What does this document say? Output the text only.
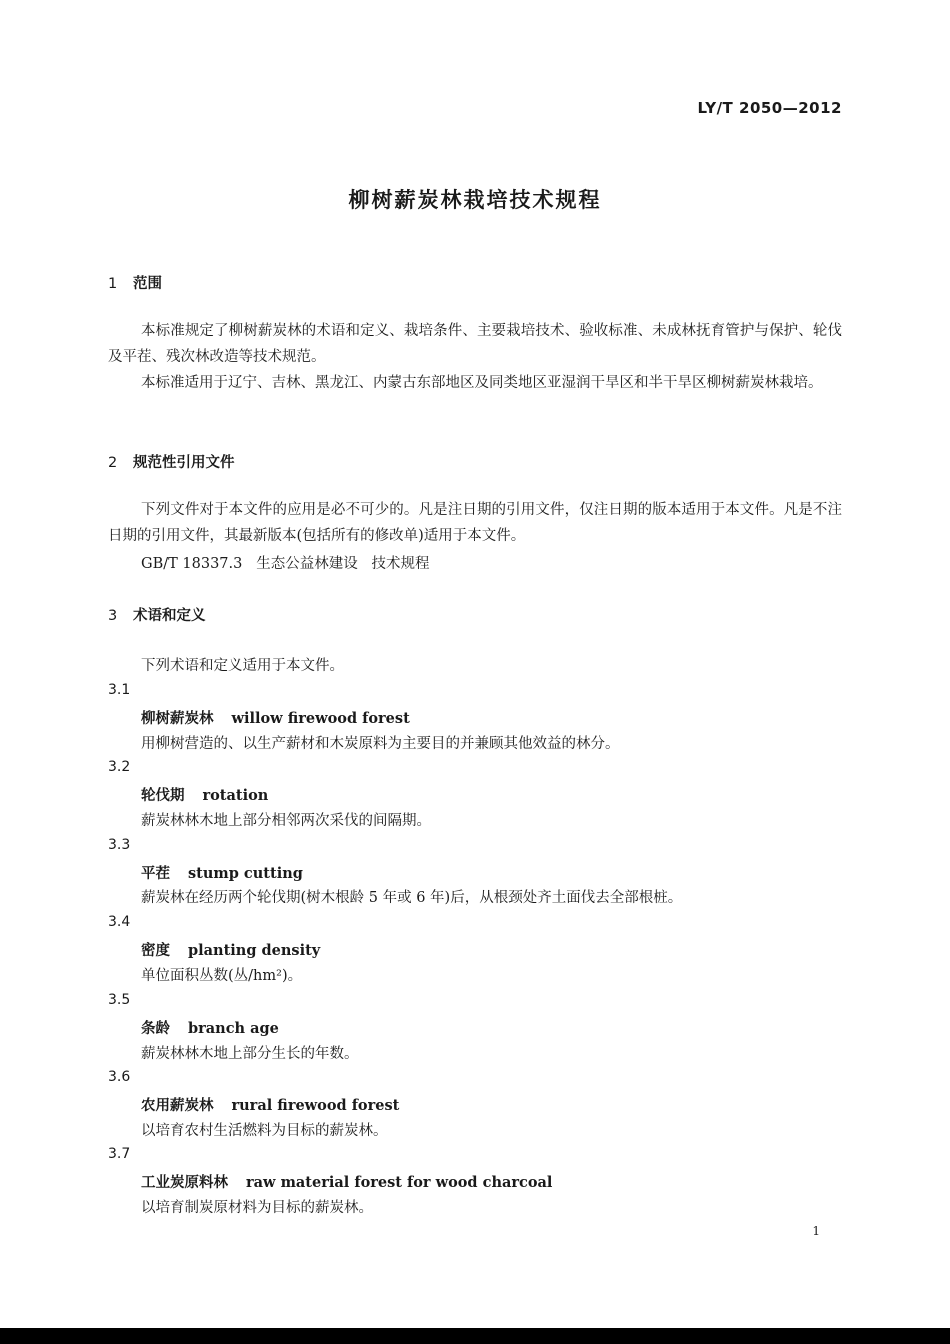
LY/T 2050—2012
柳树薪炭林栽培技术规程
1 范围

本标准规定了柳树薪炭林的术语和定义、栽培条件、主要栽培技术、验收标准、未成林抚育管护与保护、轮伐及平茬、残次林改造等技术规范。

本标准适用于辽宁、吉林、黑龙江、内蒙古东部地区及同类地区亚湿润干旱区和半干旱区柳树薪炭林栽培。

2 规范性引用文件

下列文件对于本文件的应用是必不可少的。凡是注日期的引用文件，仅注日期的版本适用于本文件。凡是不注日期的引用文件，其最新版本(包括所有的修改单)适用于本文件。

GB/T 18337.3   生态公益林建设   技术规程
3 术语和定义
下列术语和定义适用于本文件。
3.1
柳树薪炭林 willow firewood forest
用柳树营造的、以生产薪材和木炭原料为主要目的并兼顾其他效益的林分。
3.2
轮伐期 rotation
薪炭林林木地上部分相邻两次采伐的间隔期。
3.3
平茬 stump cutting
薪炭林在经历两个轮伐期(树木根龄 5 年或 6 年)后，从根颈处齐土面伐去全部根桩。
3.4
密度 planting density
单位面积丛数(丛/hm²)。
3.5
条龄 branch age
薪炭林林木地上部分生长的年数。
3.6
农用薪炭林 rural firewood forest
以培育农村生活燃料为目标的薪炭林。
3.7
工业炭原料林 raw material forest for wood charcoal
以培育制炭原材料为目标的薪炭林。
1
